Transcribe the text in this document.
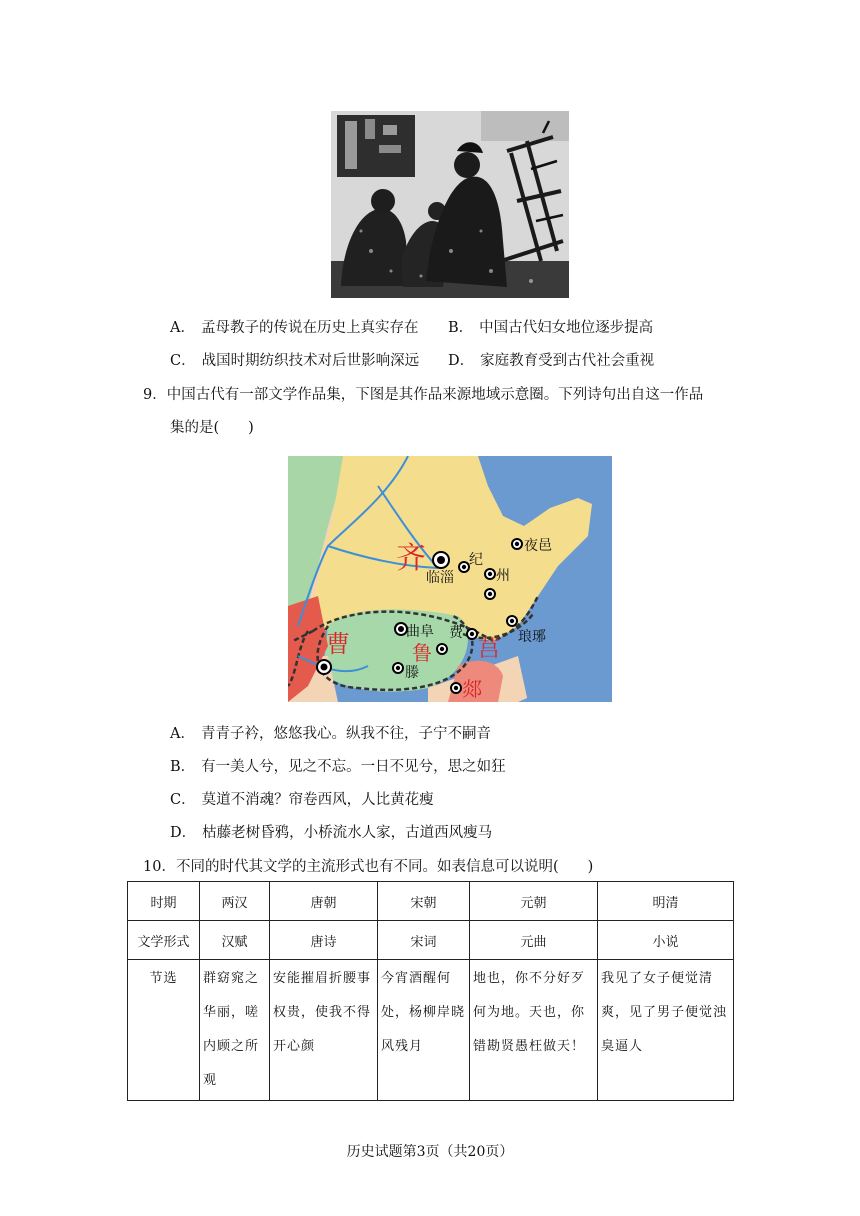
A． 孟母教子的传说在历史上真实存在 B． 中国古代妇女地位逐步提高
C． 战国时期纺织技术对后世影响深远 D． 家庭教育受到古代社会重视
9．中国古代有一部文学作品集，下图是其作品来源地域示意圈。下列诗句出自这一作品
集的是(　　)
齐
临淄
纪
州
夜邑
曹	曲阜 费
鲁 莒 琅琊
滕
郯
A． 青青子衿，悠悠我心。纵我不往，子宁不嗣音
B． 有一美人兮，见之不忘。一日不见兮，思之如狂
C． 莫道不消魂？帘卷西风，人比黄花瘦
D． 枯藤老树昏鸦，小桥流水人家，古道西风瘦马
10．不同的时代其文学的主流形式也有不同。如表信息可以说明(　　)
时期	两汉	唐朝	宋朝	元朝	明清
文学形式	汉赋	唐诗	宋词	元曲	小说
节选	群窈窕之华丽，嗟内顾之所观	安能摧眉折腰事权贵，使我不得开心颜	今宵酒醒何处，杨柳岸晓风残月	地也，你不分好歹何为地。天也，你错勘贤愚枉做天！	我见了女子便觉清爽，见了男子便觉浊臭逼人
历史试题第3页（共20页）
